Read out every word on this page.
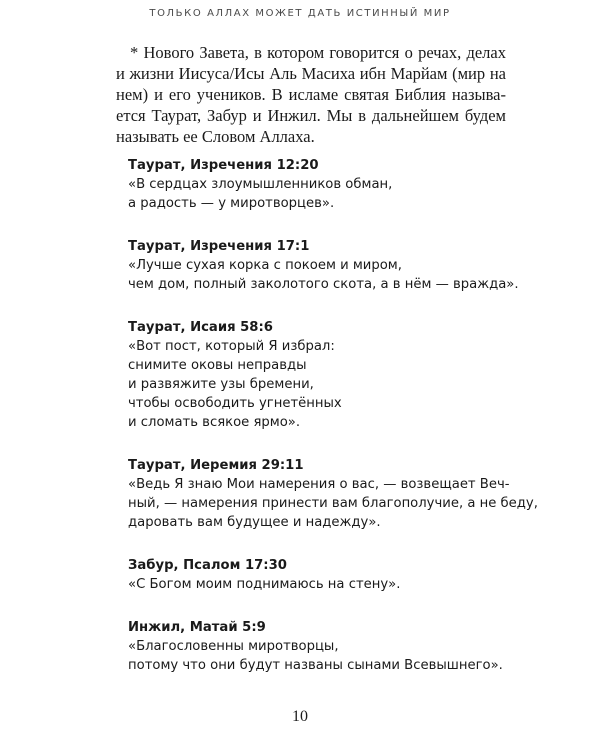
ТОЛЬКО АЛЛАХ МОЖЕТ ДАТЬ ИСТИННЫЙ МИР
* Нового Завета, в котором говорится о речах, делах
и жизни Иисуса/Исы Аль Масиха ибн Марйам (мир на
нем) и его учеников. В исламе святая Библия называ-
ется Таурат, Забур и Инжил. Мы в дальнейшем будем
называть ее Словом Аллаха.
Таурат, Изречения 12:20
«В сердцах злоумышленников обман,
а радость — у миротворцев».
Таурат, Изречения 17:1
«Лучше сухая корка с покоем и миром,
чем дом, полный заколотого скота, а в нём — вражда».
Таурат, Исаия 58:6
«Вот пост, который Я избрал:
снимите оковы неправды
и развяжите узы бремени,
чтобы освободить угнетённых
и сломать всякое ярмо».
Таурат, Иеремия 29:11
«Ведь Я знаю Мои намерения о вас, — возвещает Веч-
ный, — намерения принести вам благополучие, а не беду,
даровать вам будущее и надежду».
Забур, Псалом 17:30
«С Богом моим поднимаюсь на стену».
Инжил, Матай 5:9
«Благословенны миротворцы,
потому что они будут названы сынами Всевышнего».
10
